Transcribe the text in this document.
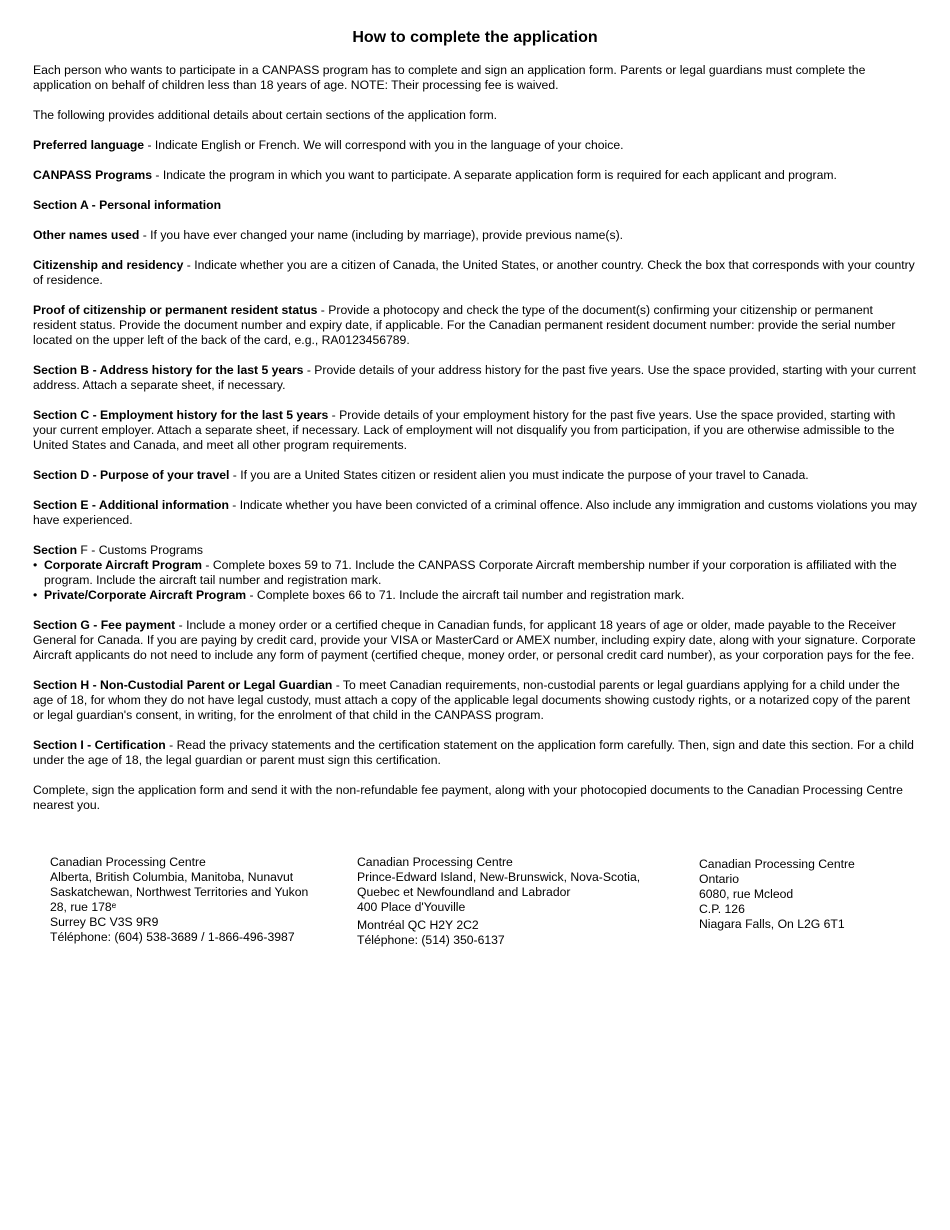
How to complete the application

Each person who wants to participate in a CANPASS program has to complete and sign an application form. Parents or legal guardians must complete the application on behalf of children less than 18 years of age. NOTE: Their processing fee is waived.

The following provides additional details about certain sections of the application form.

Preferred language - Indicate English or French. We will correspond with you in the language of your choice.

CANPASS Programs - Indicate the program in which you want to participate. A separate application form is required for each applicant and program.

Section A - Personal information

Other names used - If you have ever changed your name (including by marriage), provide previous name(s).

Citizenship and residency - Indicate whether you are a citizen of Canada, the United States, or another country. Check the box that corresponds with your country of residence.

Proof of citizenship or permanent resident status - Provide a photocopy and check the type of the document(s) confirming your citizenship or permanent resident status. Provide the document number and expiry date, if applicable. For the Canadian permanent resident document number: provide the serial number located on the upper left of the back of the card, e.g., RA0123456789.

Section B - Address history for the last 5 years - Provide details of your address history for the past five years. Use the space provided, starting with your current address. Attach a separate sheet, if necessary.

Section C - Employment history for the last 5 years - Provide details of your employment history for the past five years. Use the space provided, starting with your current employer. Attach a separate sheet, if necessary. Lack of employment will not disqualify you from participation, if you are otherwise admissible to the United States and Canada, and meet all other program requirements.

Section D - Purpose of your travel - If you are a United States citizen or resident alien you must indicate the purpose of your travel to Canada.

Section E - Additional information - Indicate whether you have been convicted of a criminal offence. Also include any immigration and customs violations you may have experienced.

Section F - Customs Programs
• Corporate Aircraft Program - Complete boxes 59 to 71. Include the CANPASS Corporate Aircraft membership number if your corporation is affiliated with the program. Include the aircraft tail number and registration mark.
• Private/Corporate Aircraft Program - Complete boxes 66 to 71. Include the aircraft tail number and registration mark.

Section G - Fee payment - Include a money order or a certified cheque in Canadian funds, for applicant 18 years of age or older, made payable to the Receiver General for Canada. If you are paying by credit card, provide your VISA or MasterCard or AMEX number, including expiry date, along with your signature. Corporate Aircraft applicants do not need to include any form of payment (certified cheque, money order, or personal credit card number), as your corporation pays for the fee.

Section H - Non-Custodial Parent or Legal Guardian - To meet Canadian requirements, non-custodial parents or legal guardians applying for a child under the age of 18, for whom they do not have legal custody, must attach a copy of the applicable legal documents showing custody rights, or a notarized copy of the parent or legal guardian's consent, in writing, for the enrolment of that child in the CANPASS program.

Section I - Certification - Read the privacy statements and the certification statement on the application form carefully. Then, sign and date this section. For a child under the age of 18, the legal guardian or parent must sign this certification.

Complete, sign the application form and send it with the non-refundable fee payment, along with your photocopied documents to the Canadian Processing Centre nearest you.

Canadian Processing Centre
Alberta, British Columbia, Manitoba, Nunavut
Saskatchewan, Northwest Territories and Yukon
28, rue 178ᵉ
Surrey BC V3S 9R9
Téléphone: (604) 538-3689 / 1-866-496-3987
Canadian Processing Centre
Prince-Edward Island, New-Brunswick, Nova-Scotia,
Quebec et Newfoundland and Labrador
400 Place d'Youville
Montréal QC H2Y 2C2
Téléphone: (514) 350-6137
Canadian Processing Centre
Ontario
6080, rue Mcleod
C.P. 126
Niagara Falls, On L2G 6T1
